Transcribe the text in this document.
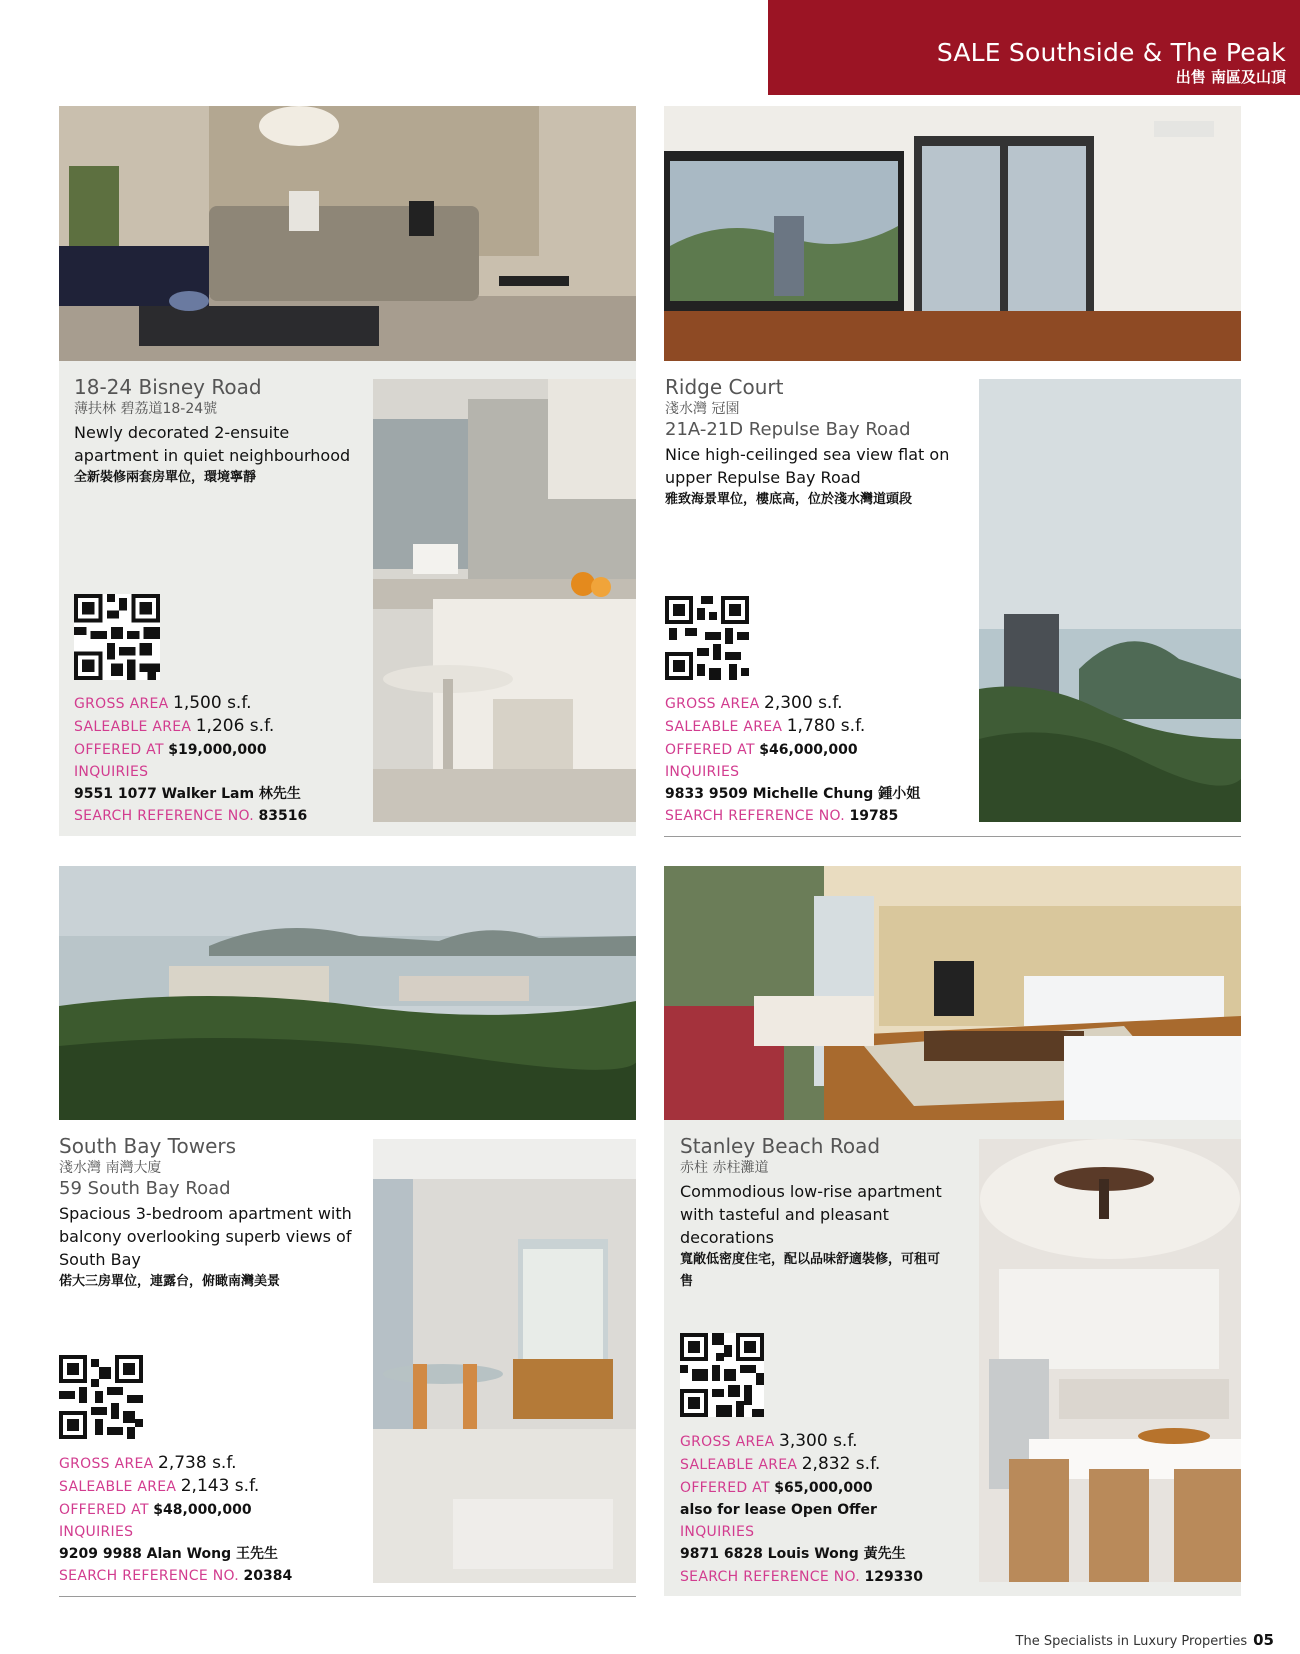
SALE Southside & The Peak
出售 南區及山頂
18-24 Bisney Road
薄扶林 碧荔道18-24號
Newly decorated 2-ensuite apartment in quiet neighbourhood
全新裝修兩套房單位，環境寧靜
GROSS AREA 1,500 s.f.
SALEABLE AREA 1,206 s.f.
OFFERED AT $19,000,000
INQUIRIES
9551 1077 Walker Lam 林先生
SEARCH REFERENCE NO. 83516
Ridge Court
淺水灣 冠園
21A-21D Repulse Bay Road
Nice high-ceilinged sea view flat on upper Repulse Bay Road
雅致海景單位，樓底高，位於淺水灣道頭段
GROSS AREA 2,300 s.f.
SALEABLE AREA 1,780 s.f.
OFFERED AT $46,000,000
INQUIRIES
9833 9509 Michelle Chung 鍾小姐
SEARCH REFERENCE NO. 19785
South Bay Towers
淺水灣 南灣大廈
59 South Bay Road
Spacious 3-bedroom apartment with balcony overlooking superb views of South Bay
偌大三房單位，連露台，俯瞰南灣美景
GROSS AREA 2,738 s.f.
SALEABLE AREA 2,143 s.f.
OFFERED AT $48,000,000
INQUIRIES
9209 9988 Alan Wong 王先生
SEARCH REFERENCE NO. 20384
Stanley Beach Road
赤柱 赤柱灘道
Commodious low-rise apartment with tasteful and pleasant decorations
寬敞低密度住宅，配以品味舒適裝修，可租可售
GROSS AREA 3,300 s.f.
SALEABLE AREA 2,832 s.f.
OFFERED AT $65,000,000
also for lease Open Offer
INQUIRIES
9871 6828 Louis Wong 黃先生
SEARCH REFERENCE NO. 129330
The Specialists in Luxury Properties 05
